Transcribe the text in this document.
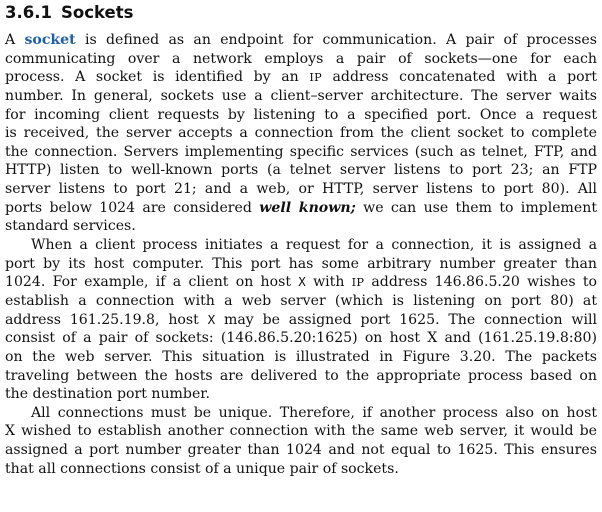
3.6.1 Sockets
A socket is defined as an endpoint for communication. A pair of processes
communicating over a network employs a pair of sockets—one for each
process. A socket is identified by an IP address concatenated with a port
number. In general, sockets use a client–server architecture. The server waits
for incoming client requests by listening to a specified port. Once a request
is received, the server accepts a connection from the client socket to complete
the connection. Servers implementing specific services (such as telnet, FTP, and
HTTP) listen to well-known ports (a telnet server listens to port 23; an FTP
server listens to port 21; and a web, or HTTP, server listens to port 80). All
ports below 1024 are considered well known; we can use them to implement
standard services.
When a client process initiates a request for a connection, it is assigned a
port by its host computer. This port has some arbitrary number greater than
1024. For example, if a client on host X with IP address 146.86.5.20 wishes to
establish a connection with a web server (which is listening on port 80) at
address 161.25.19.8, host X may be assigned port 1625. The connection will
consist of a pair of sockets: (146.86.5.20:1625) on host X and (161.25.19.8:80)
on the web server. This situation is illustrated in Figure 3.20. The packets
traveling between the hosts are delivered to the appropriate process based on
the destination port number.
All connections must be unique. Therefore, if another process also on host
X wished to establish another connection with the same web server, it would be
assigned a port number greater than 1024 and not equal to 1625. This ensures
that all connections consist of a unique pair of sockets.
